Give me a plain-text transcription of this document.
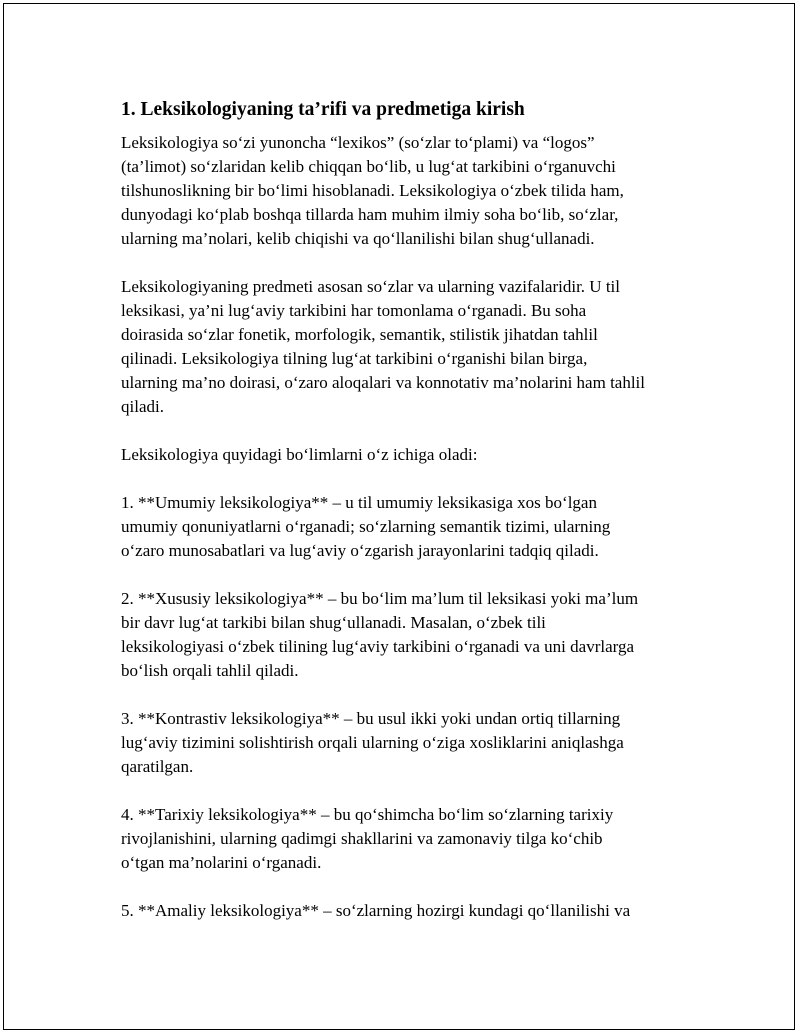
1. Leksikologiyaning ta’rifi va predmetiga kirish

Leksikologiya so‘zi yunoncha “lexikos” (so‘zlar to‘plami) va “logos”
(ta’limot) so‘zlaridan kelib chiqqan bo‘lib, u lug‘at tarkibini o‘rganuvchi
tilshunoslikning bir bo‘limi hisoblanadi. Leksikologiya o‘zbek tilida ham,
dunyodagi ko‘plab boshqa tillarda ham muhim ilmiy soha bo‘lib, so‘zlar,
ularning ma’nolari, kelib chiqishi va qo‘llanilishi bilan shug‘ullanadi.

Leksikologiyaning predmeti asosan so‘zlar va ularning vazifalaridir. U til
leksikasi, ya’ni lug‘aviy tarkibini har tomonlama o‘rganadi. Bu soha
doirasida so‘zlar fonetik, morfologik, semantik, stilistik jihatdan tahlil
qilinadi. Leksikologiya tilning lug‘at tarkibini o‘rganishi bilan birga,
ularning ma’no doirasi, o‘zaro aloqalari va konnotativ ma’nolarini ham tahlil
qiladi.

Leksikologiya quyidagi bo‘limlarni o‘z ichiga oladi:

1. **Umumiy leksikologiya** – u til umumiy leksikasiga xos bo‘lgan
umumiy qonuniyatlarni o‘rganadi; so‘zlarning semantik tizimi, ularning
o‘zaro munosabatlari va lug‘aviy o‘zgarish jarayonlarini tadqiq qiladi.

2. **Xususiy leksikologiya** – bu bo‘lim ma’lum til leksikasi yoki ma’lum
bir davr lug‘at tarkibi bilan shug‘ullanadi. Masalan, o‘zbek tili
leksikologiyasi o‘zbek tilining lug‘aviy tarkibini o‘rganadi va uni davrlarga
bo‘lish orqali tahlil qiladi.

3. **Kontrastiv leksikologiya** – bu usul ikki yoki undan ortiq tillarning
lug‘aviy tizimini solishtirish orqali ularning o‘ziga xosliklarini aniqlashga
qaratilgan.

4. **Tarixiy leksikologiya** – bu qo‘shimcha bo‘lim so‘zlarning tarixiy
rivojlanishini, ularning qadimgi shakllarini va zamonaviy tilga ko‘chib
o‘tgan ma’nolarini o‘rganadi.

5. **Amaliy leksikologiya** – so‘zlarning hozirgi kundagi qo‘llanilishi va
